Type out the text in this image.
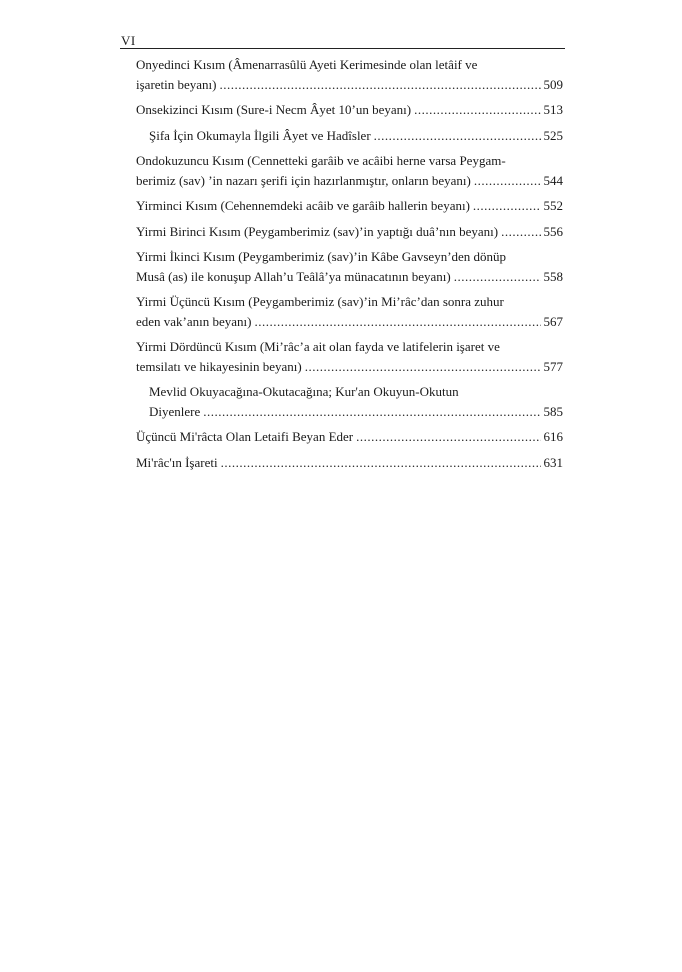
VI
Onyedinci Kısım (Âmenarrasûlü Ayeti Kerimesinde olan letâif ve
işaretin beyanı) .....	509
Onsekizinci Kısım (Sure-i Necm Âyet 10’un beyanı) .....	513
Şifa İçin Okumayla İlgili Âyet ve Hadîsler .....	525
Ondokuzuncu Kısım (Cennetteki garâib ve acâibi herne varsa Peygam-
berimiz (sav) ’in nazarı şerifi için hazırlanmıştır, onların beyanı) .....	544
Yirminci Kısım (Cehennemdeki acâib ve garâib hallerin beyanı) .....	552
Yirmi Birinci Kısım (Peygamberimiz (sav)’in yaptığı duâ’nın beyanı) .....	556
Yirmi İkinci Kısım (Peygamberimiz (sav)’in Kâbe Gavseyn’den dönüp
Musâ (as) ile konuşup Allah’u Teâlâ’ya münacatının beyanı) .....	558
Yirmi Üçüncü Kısım (Peygamberimiz (sav)’in Mi’râc’dan sonra zuhur
eden vak’anın beyanı) .....	567
Yirmi Dördüncü Kısım (Mi’râc’a ait olan fayda ve latifelerin işaret ve
temsilatı ve hikayesinin beyanı) .....	577
Mevlid Okuyacağına-Okutacağına; Kur'an Okuyun-Okutun
Diyenlere .....	585
Üçüncü Mi'râcta Olan Letaifi Beyan Eder .....	616
Mi'râc'ın İşareti .....	631
